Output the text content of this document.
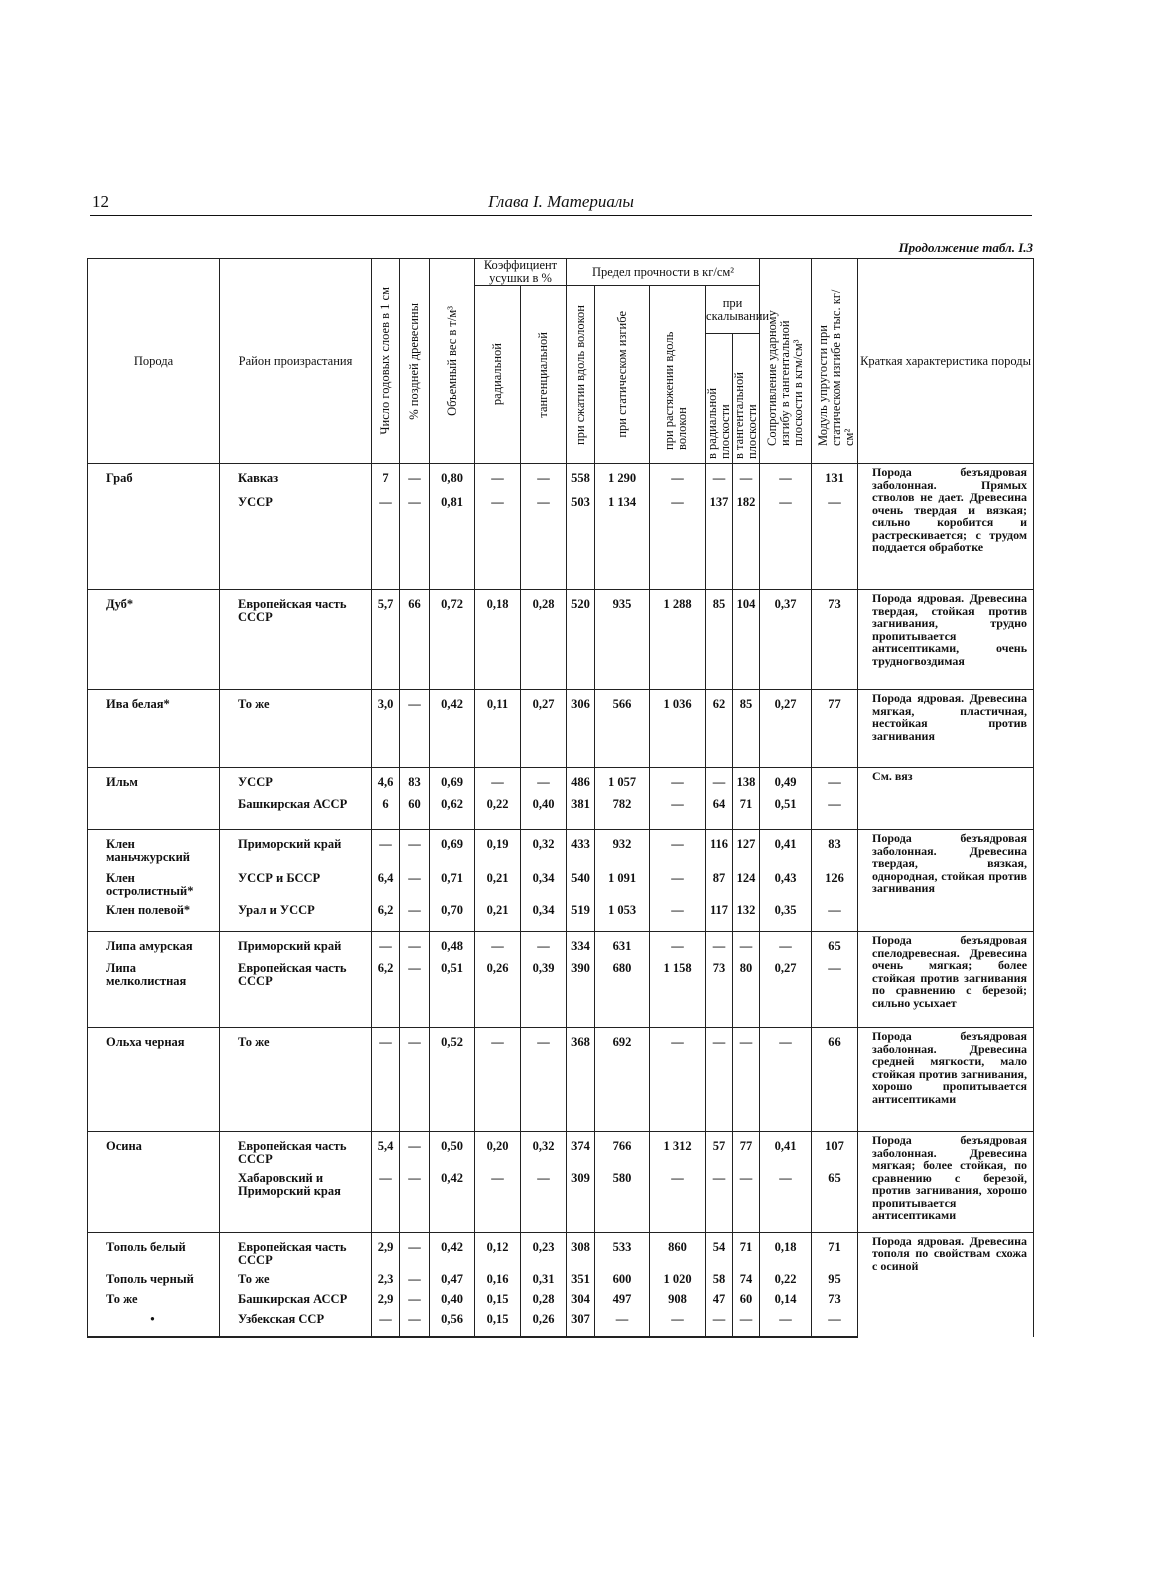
12	Глава I. Материалы
Продолжение табл. I.3
Порода	Район произрастания	Число годовых слоев в 1 см	% поздней древесины	Объемный вес в т/м³	Коэффициент усушки в %		Предел прочности в кг/см²					Сопротивление ударному изгибу в тангентальной плоскости в кгм/см³	Модуль упругости при статическом изгибе в тыс. кг/см²	Краткая характеристика породы

					радиальной	тангенциальной	при сжатии вдоль волокон	при статическом изгибе	при растяжении вдоль волокон	при скалывании				

										в радиальной плоскости	в тангентальной плоскости			

Граб	Кавказ	7	—	0,80	—	—	558	1 290	—	—	—	—	131	Порода безъядровая заболонная. Прямых стволов не дает. Древесина очень твердая и вязкая; сильно коробится и растрескивается; с трудом поддается обработке
	УССР	—	—	0,81	—	—	503	1 134	—	137	182	—	—	
Дуб*	Европейская часть СССР	5,7	66	0,72	0,18	0,28	520	935	1 288	85	104	0,37	73	Порода ядровая. Древесина твердая, стойкая против загнивания, трудно пропитывается антисептиками, очень трудногвоздимая
Ива белая*	То же	3,0	—	0,42	0,11	0,27	306	566	1 036	62	85	0,27	77	Порода ядровая. Древесина мягкая, пластичная, нестойкая против загнивания
Ильм	УССР	4,6	83	0,69	—	—	486	1 057	—	—	138	0,49	—	См. вяз
	Башкирская АССР	6	60	0,62	0,22	0,40	381	782	—	64	71	0,51	—	
Клен маньчжурский	Приморский край	—	—	0,69	0,19	0,32	433	932	—	116	127	0,41	83	Порода безъядровая заболонная. Древесина твердая, вязкая, однородная, стойкая против загнивания
Клен остролистный*	УССР и БССР	6,4	—	0,71	0,21	0,34	540	1 091	—	87	124	0,43	126	
Клен полевой*	Урал и УССР	6,2	—	0,70	0,21	0,34	519	1 053	—	117	132	0,35	—	
Липа амурская	Приморский край	—	—	0,48	—	—	334	631	—	—	—	—	65	Порода безъядровая спелодревесная. Древесина очень мягкая; более стойкая против загнивания по сравнению с березой; сильно усыхает
Липа мелколистная	Европейская часть СССР	6,2	—	0,51	0,26	0,39	390	680	1 158	73	80	0,27	—	
Ольха черная	То же	—	—	0,52	—	—	368	692	—	—	—	—	66	Порода безъядровая заболонная. Древесина средней мягкости, мало стойкая против загнивания, хорошо пропитывается антисептиками
Осина	Европейская часть СССР	5,4	—	0,50	0,20	0,32	374	766	1 312	57	77	0,41	107	Порода безъядровая заболонная. Древесина мягкая; более стойкая, по сравнению с березой, против загнивания, хорошо пропитывается антисептиками
	Хабаровский и Приморский края	—	—	0,42	—	—	309	580	—	—	—	—	65	
Тополь белый	Европейская часть СССР	2,9	—	0,42	0,12	0,23	308	533	860	54	71	0,18	71	Порода ядровая. Древесина тополя по свойствам схожа с осиной
Тополь черный	То же	2,3	—	0,47	0,16	0,31	351	600	1 020	58	74	0,22	95	
То же	Башкирская АССР	2,9	—	0,40	0,15	0,28	304	497	908	47	60	0,14	73	
•	Узбекская ССР	—	—	0,56	0,15	0,26	307	—	—	—	—	—	—	
